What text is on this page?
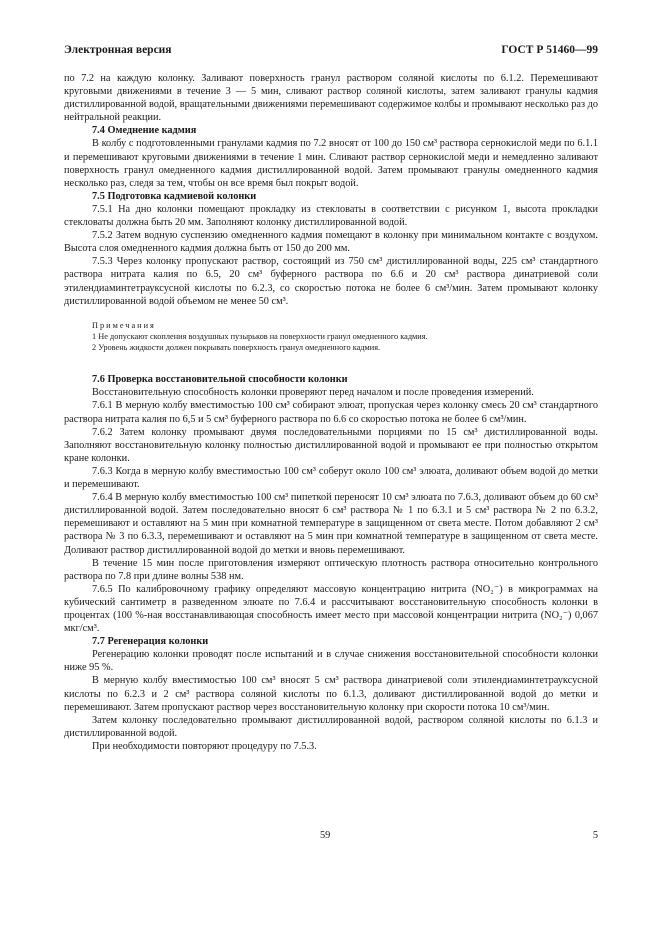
Электронная версия	ГОСТ Р 51460—99

по 7.2 на каждую колонку. Заливают поверхность гранул раствором соляной кислоты по 6.1.2. Перемешивают круговыми движениями в течение 3 — 5 мин, сливают раствор соляной кислоты, затем заливают гранулы кадмия дистиллированной водой, вращательными движениями перемешивают содержимое колбы и промывают несколько раз до нейтральной реакции.

7.4 Омеднение кадмия

В колбу с подготовленными гранулами кадмия по 7.2 вносят от 100 до 150 см³ раствора сернокислой меди по 6.1.1 и перемешивают круговыми движениями в течение 1 мин. Сливают раствор сернокислой меди и немедленно заливают поверхность гранул омедненного кадмия дистиллированной водой. Затем промывают гранулы омедненного кадмия несколько раз, следя за тем, чтобы он все время был покрыт водой.

7.5 Подготовка кадмиевой колонки

7.5.1 На дно колонки помещают прокладку из стекловаты в соответствии с рисунком 1, высота прокладки стекловаты должна быть 20 мм. Заполняют колонку дистиллированной водой.

7.5.2 Затем водную суспензию омедненного кадмия помещают в колонку при минимальном контакте с воздухом. Высота слоя омедненного кадмия должна быть от 150 до 200 мм.

7.5.3 Через колонку пропускают раствор, состоящий из 750 см³ дистиллированной воды, 225 см³ стандартного раствора нитрата калия по 6.5, 20 см³ буферного раствора по 6.6 и 20 см³ раствора динатриевой соли этилендиаминтетрауксусной кислоты по 6.2.3, со скоростью потока не более 6 см³/мин. Затем промывают колонку дистиллированной водой объемом не менее 50 см³.

Примечания
1 Не допускают скопления воздушных пузырьков на поверхности гранул омедненного кадмия.
2 Уровень жидкости должен покрывать поверхность гранул омедненного кадмия.
7.6 Проверка восстановительной способности колонки

Восстановительную способность колонки проверяют перед началом и после проведения измерений.

7.6.1 В мерную колбу вместимостью 100 см³ собирают элюат, пропуская через колонку смесь 20 см³ стандартного раствора нитрата калия по 6,5 и 5 см³ буферного раствора по 6.6 со скоростью потока не более 6 см³/мин.

7.6.2 Затем колонку промывают двумя последовательными порциями по 15 см³ дистиллированной воды. Заполняют восстановительную колонку полностью дистиллированной водой и промывают ее при полностью открытом кране колонки.

7.6.3 Когда в мерную колбу вместимостью 100 см³ соберут около 100 см³ элюата, доливают объем водой до метки и перемешивают.

7.6.4 В мерную колбу вместимостью 100 см³ пипеткой переносят 10 см³ элюата по 7.6.3, доливают объем до 60 см³ дистиллированной водой. Затем последовательно вносят 6 см³ раствора № 1 по 6.3.1 и 5 см³ раствора № 2 по 6.3.2, перемешивают и оставляют на 5 мин при комнатной температуре в защищенном от света месте. Потом добавляют 2 см³ раствора № 3 по 6.3.3, перемешивают и оставляют на 5 мин при комнатной температуре в защищенном от света месте. Доливают раствор дистиллированной водой до метки и вновь перемешивают.

В течение 15 мин после приготовления измеряют оптическую плотность раствора относительно контрольного раствора по 7.8 при длине волны 538 нм.

7.6.5 По калибровочному графику определяют массовую концентрацию нитрита (NO₂⁻) в микрограммах на кубический сантиметр в разведенном элюате по 7.6.4 и рассчитывают восстановительную способность колонки в процентах (100 %-ная восстанавливающая способность имеет место при массовой концентрации нитрита (NO₂⁻) 0,067 мкг/см³.

7.7 Регенерация колонки

Регенерацию колонки проводят после испытаний и в случае снижения восстановительной способности колонки ниже 95 %.

В мерную колбу вместимостью 100 см³ вносят 5 см³ раствора динатриевой соли этилендиаминтетрауксусной кислоты по 6.2.3 и 2 см³ раствора соляной кислоты по 6.1.3, доливают дистиллированной водой до метки и перемешивают. Затем пропускают раствор через восстановительную колонку при скорости потока 10 см³/мин.

Затем колонку последовательно промывают дистиллированной водой, раствором соляной кислоты по 6.1.3 и дистиллированной водой.

При необходимости повторяют процедуру по 7.5.3.

59	5
